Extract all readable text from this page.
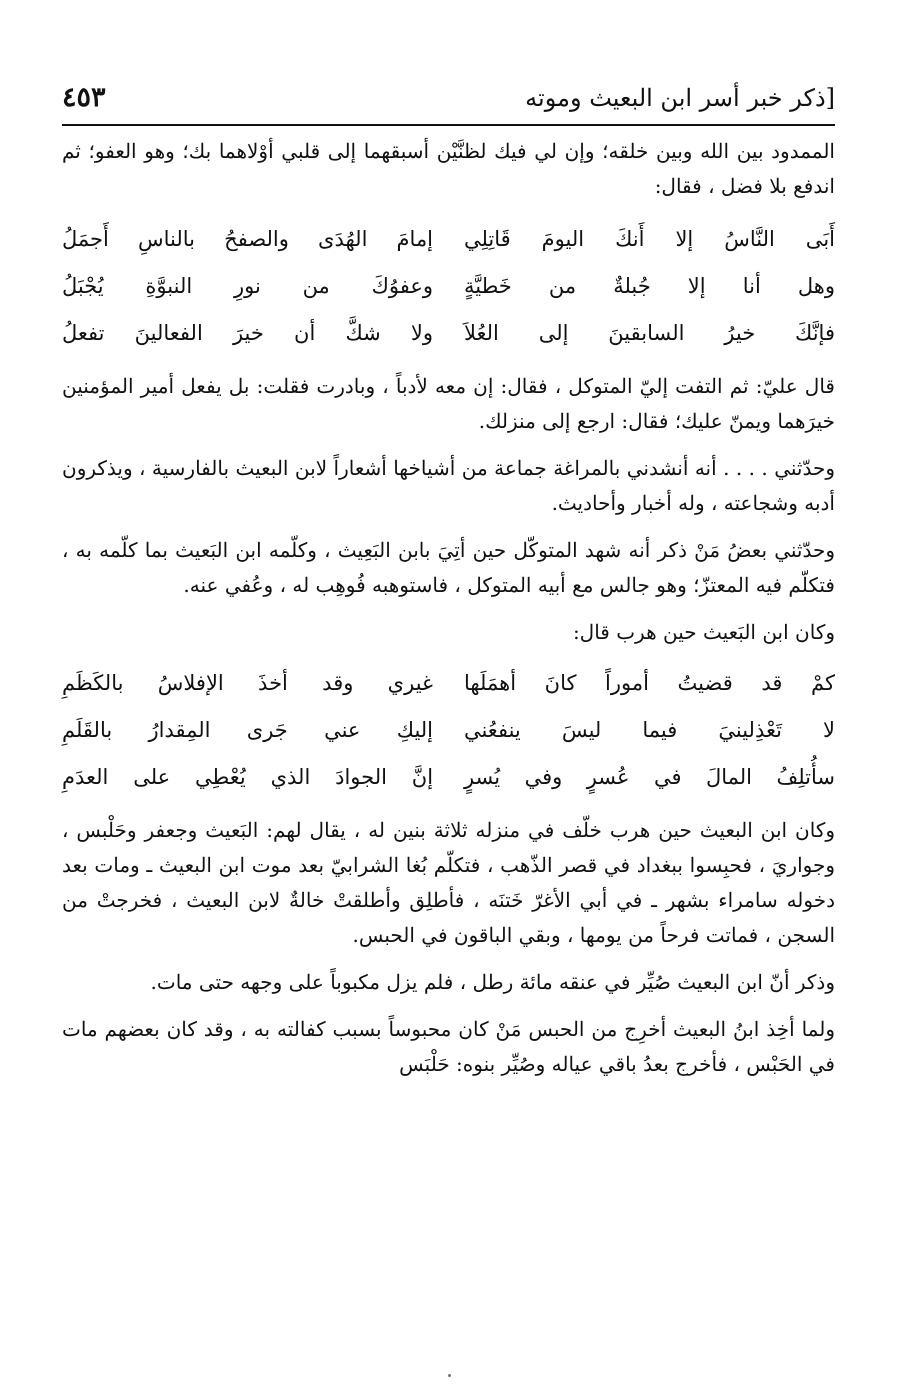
[ذكر خبر أسر ابن البعيث وموته
٤٥٣

الممدود بين الله وبين خلقه؛ وإن لي فيك لظنَّيْن أسبقهما إلى قلبي أوْلاهما بك؛ وهو العفو؛ ثم اندفع بلا فضل ، فقال:

أَبَى النَّاسُ إلا أَنكَ اليومَ قَاتِلِي
إمامَ الهُدَى والصفحُ بالناسِ أَجمَلُ
وهل أنا إلا جُبلةٌ من خَطيَّةٍ
وعفوُكَ من نورِ النبوَّةِ يُجْبَلُ
فإنَّكَ خيرُ السابقينَ إلى العُلاَ
ولا شكَّ أن خيرَ الفعالينَ تفعلُ

قال عليّ: ثم التفت إليّ المتوكل ، فقال: إن معه لأدباً ، وبادرت فقلت: بل يفعل أمير المؤمنين خيرَهما ويمنّ عليك؛ فقال: ارجع إلى منزلك.

وحدّثني . . . . أنه أنشدني بالمراغة جماعة من أشياخها أشعاراً لابن البعيث بالفارسية ، ويذكرون أدبه وشجاعته ، وله أخبار وأحاديث.

وحدّثني بعضُ مَنْ ذكر أنه شهد المتوكّل حين أتِيَ بابن البَعِيث ، وكلّمه ابن البَعيث بما كلّمه به ، فتكلّم فيه المعتزّ؛ وهو جالس مع أبيه المتوكل ، فاستوهبه فُوهِب له ، وعُفي عنه.

وكان ابن البَعيث حين هرب قال:

كمْ قد قضيتُ أموراً كانَ أهمَلَها
غيري وقد أخذَ الإفلاسُ بالكَظَمِ
لا تَعْذِلينيَ فيما ليسَ ينفعُني
إليكِ عني جَرى المِقدارُ بالقَلَمِ
سأُتلِفُ المالَ في عُسرٍ وفي يُسرٍ
إنَّ الجوادَ الذي يُعْطِي على العدَمِ

وكان ابن البعيث حين هرب خلّف في منزله ثلاثة بنين له ، يقال لهم: البَعيث وجعفر وحَلْبس ، وجواريَ ، فحبِسوا ببغداد في قصر الذّهب ، فتكلّم بُغا الشرابيّ بعد موت ابن البعيث ـ ومات بعد دخوله سامراء بشهر ـ في أبي الأغرّ خَتنَه ، فأطلِق وأطلقتْ خالةٌ لابن البعيث ، فخرجتْ من السجن ، فماتت فرحاً من يومها ، وبقي الباقون في الحبس.

وذكر أنّ ابن البعيث صُيِّر في عنقه مائة رطل ، فلم يزل مكبوباً على وجهه حتى مات.

ولما أخِذ ابنُ البعيث أخرِج من الحبس مَنْ كان محبوساً بسبب كفالته به ، وقد كان بعضهم مات في الحَبْس ، فأخرج بعدُ باقي عياله وصُيِّر بنوه: حَلْبَس
